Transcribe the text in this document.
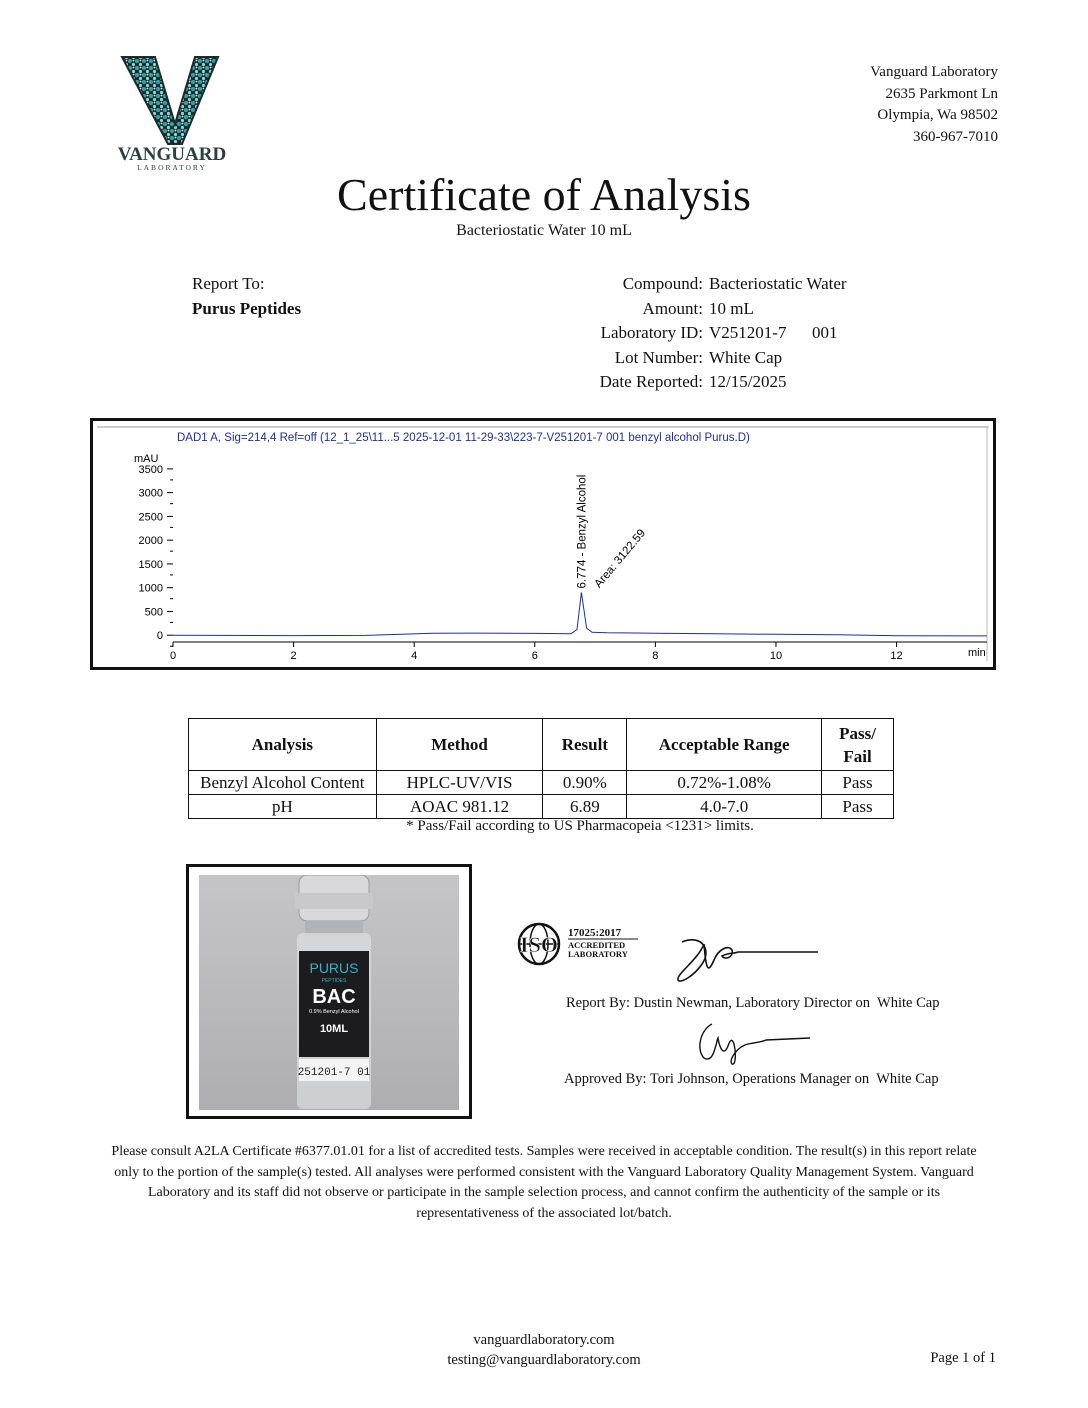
VANGUARD
LABORATORY
Vanguard Laboratory
2635 Parkmont Ln
Olympia, Wa 98502
360-967-7010
Certificate of Analysis
Bacteriostatic Water 10 mL
Report To:
Purus Peptides
Compound: Bacteriostatic Water
Amount: 10 mL
Laboratory ID: V251201-7      001
Lot Number: White Cap
Date Reported: 12/15/2025
DAD1 A, Sig=214,4 Ref=off (12_1_25\11...5 2025-12-01 11-29-33\223-7-V251201-7 001 benzyl alcohol Purus.D)
mAU
min
0	2	4	6	8	10	12
0
500
1000
1500
2000
2500
3000
3500
6.774 - Benzyl Alcohol Area: 3122.59
Analysis	Method	Result	Acceptable Range	Pass/
Fail
Benzyl Alcohol Content	HPLC-UV/VIS	0.90%	0.72%-1.08%	Pass
pH	AOAC 981.12	6.89	4.0-7.0	Pass
* Pass/Fail according to US Pharmacopeia <1231> limits.
PURUS
PEPTIDES
BAC
0.9% Benzyl Alcohol
10ML
251201-7 01
ISO 17025:2017
ACCREDITED
LABORATORY
Report By: Dustin Newman, Laboratory Director on White Cap
Approved By: Tori Johnson, Operations Manager on White Cap
Please consult A2LA Certificate #6377.01.01 for a list of accredited tests. Samples were received in acceptable condition. The result(s) in this report relate only to the portion of the sample(s) tested. All analyses were performed consistent with the Vanguard Laboratory Quality Management System. Vanguard Laboratory and its staff did not observe or participate in the sample selection process, and cannot confirm the authenticity of the sample or its representativeness of the associated lot/batch.
vanguardlaboratory.com
testing@vanguardlaboratory.com	Page 1 of 1
